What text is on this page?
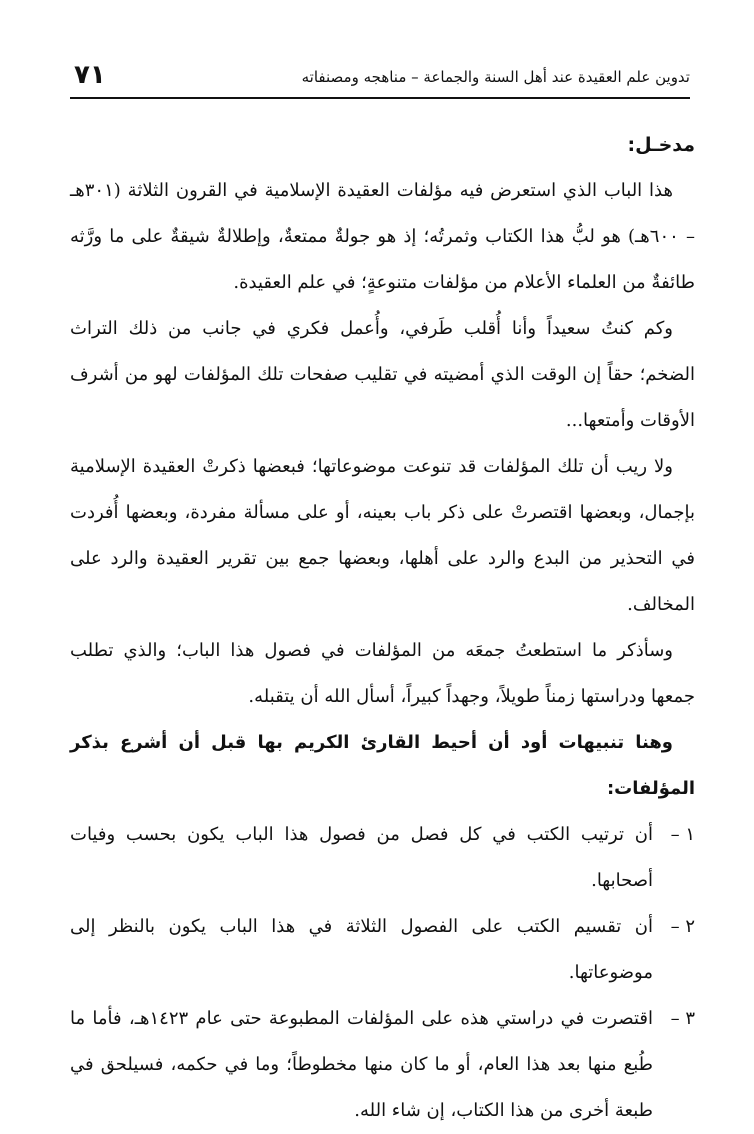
تدوين علم العقيدة عند أهل السنة والجماعة – مناهجه ومصنفاته
٧١

مدخـل:

هذا الباب الذي استعرض فيه مؤلفات العقيدة الإسلامية في القرون الثلاثة (٣٠١هـ – ٦٠٠هـ) هو لبُّ هذا الكتاب وثمرتُه؛ إذ هو جولةٌ ممتعةٌ، وإطلالةٌ شيقةٌ على ما ورَّثه طائفةٌ من العلماء الأعلام من مؤلفات متنوعةٍ؛ في علم العقيدة.

وكم كنتُ سعيداً وأنا أُقلب طَرفي، وأُعمل فكري في جانب من ذلك التراث الضخم؛ حقاً إن الوقت الذي أمضيته في تقليب صفحات تلك المؤلفات لهو من أشرف الأوقات وأمتعها...

ولا ريب أن تلك المؤلفات قد تنوعت موضوعاتها؛ فبعضها ذكرتْ العقيدة الإسلامية بإجمال، وبعضها اقتصرتْ على ذكر باب بعينه، أو على مسألة مفردة، وبعضها أُفردت في التحذير من البدع والرد على أهلها، وبعضها جمع بين تقرير العقيدة والرد على المخالف.

وسأذكر ما استطعتُ جمعَه من المؤلفات في فصول هذا الباب؛ والذي تطلب جمعها ودراستها زمناً طويلاً، وجهداً كبيراً، أسأل الله أن يتقبله.

وهنا تنبيهات أود أن أحيط القارئ الكريم بها قبل أن أشرع بذكر المؤلفات:

١ –أن ترتيب الكتب في كل فصل من فصول هذا الباب يكون بحسب وفيات أصحابها.

٢ –أن تقسيم الكتب على الفصول الثلاثة في هذا الباب يكون بالنظر إلى موضوعاتها.

٣ –اقتصرت في دراستي هذه على المؤلفات المطبوعة حتى عام ١٤٢٣هـ، فأما ما طُبع منها بعد هذا العام، أو ما كان منها مخطوطاً؛ وما في حكمه، فسيلحق في طبعة أخرى من هذا الكتاب، إن شاء الله.
